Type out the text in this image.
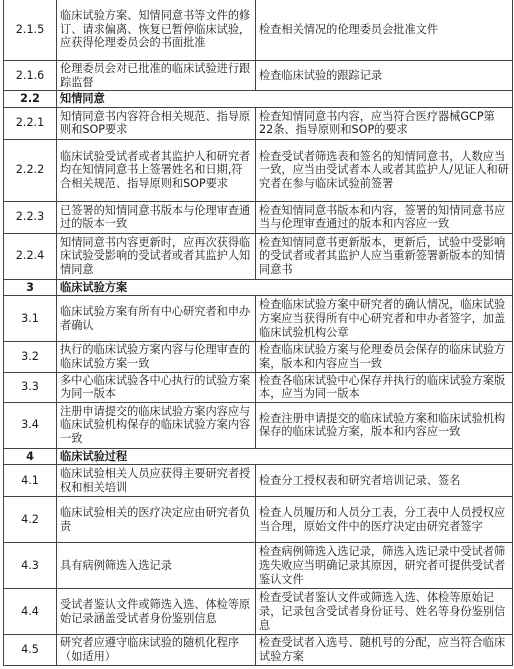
2.1.5	临床试验方案、知情同意书等文件的修订、请求偏离、恢复已暂停临床试验，应获得伦理委员会的书面批准	检查相关情况的伦理委员会批准文件
2.1.6	伦理委员会对已批准的临床试验进行跟踪监督	检查临床试验的跟踪记录
2.2	知情同意	
2.2.1	知情同意书内容符合相关规范、指导原则和SOP要求	检查知情同意书内容，应当符合医疗器械GCP第22条、指导原则和SOP的要求
2.2.2	临床试验受试者或者其监护人和研究者均在知情同意书上签署姓名和日期,符合相关规范、指导原则和SOP要求	检查受试者筛选表和签名的知情同意书，人数应当一致，应当由受试者本人或者其监护人/见证人和研究者在参与临床试验前签署
2.2.3	已签署的知情同意书版本与伦理审查通过的版本一致	检查知情同意书版本和内容，签署的知情同意书应当与伦理审查通过的版本和内容应一致
2.2.4	知情同意书内容更新时，应再次获得临床试验受影响的受试者或者其监护人知情同意	检查知情同意书更新版本，更新后，试验中受影响的受试者或者其监护人应当重新签署新版本的知情同意书
3	临床试验方案	
3.1	临床试验方案有所有中心研究者和申办者确认	检查临床试验方案中研究者的确认情况，临床试验方案应当获得所有中心研究者和申办者签字，加盖临床试验机构公章
3.2	执行的临床试验方案内容与伦理审查的临床试验方案一致	检查临床试验方案与伦理委员会保存的临床试验方案，版本和内容应当一致
3.3	多中心临床试验各中心执行的试验方案为同一版本	检查各临床试验中心保存并执行的临床试验方案版本，应当为同一版本
3.4	注册申请提交的临床试验方案内容应与临床试验机构保存的临床试验方案内容一致	检查注册申请提交的临床试验方案和临床试验机构保存的临床试验方案，版本和内容应一致
4	临床试验过程	
4.1	临床试验相关人员应获得主要研究者授权和相关培训	检查分工授权表和研究者培训记录、签名
4.2	临床试验相关的医疗决定应由研究者负责	检查人员履历和人员分工表，分工表中人员授权应当合理，原始文件中的医疗决定由研究者签字
4.3	具有病例筛选入选记录	检查病例筛选入选记录，筛选入选记录中受试者筛选失败应当明确记录其原因，研究者可提供受试者鉴认文件
4.4	受试者鉴认文件或筛选入选、体检等原始记录涵盖受试者身份鉴别信息	检查受试者鉴认文件或筛选入选、体检等原始记录，记录包含受试者身份证号、姓名等身份鉴别信息
4.5	研究者应遵守临床试验的随机化程序（如适用）	检查受试者入选号、随机号的分配，应当符合临床试验方案
